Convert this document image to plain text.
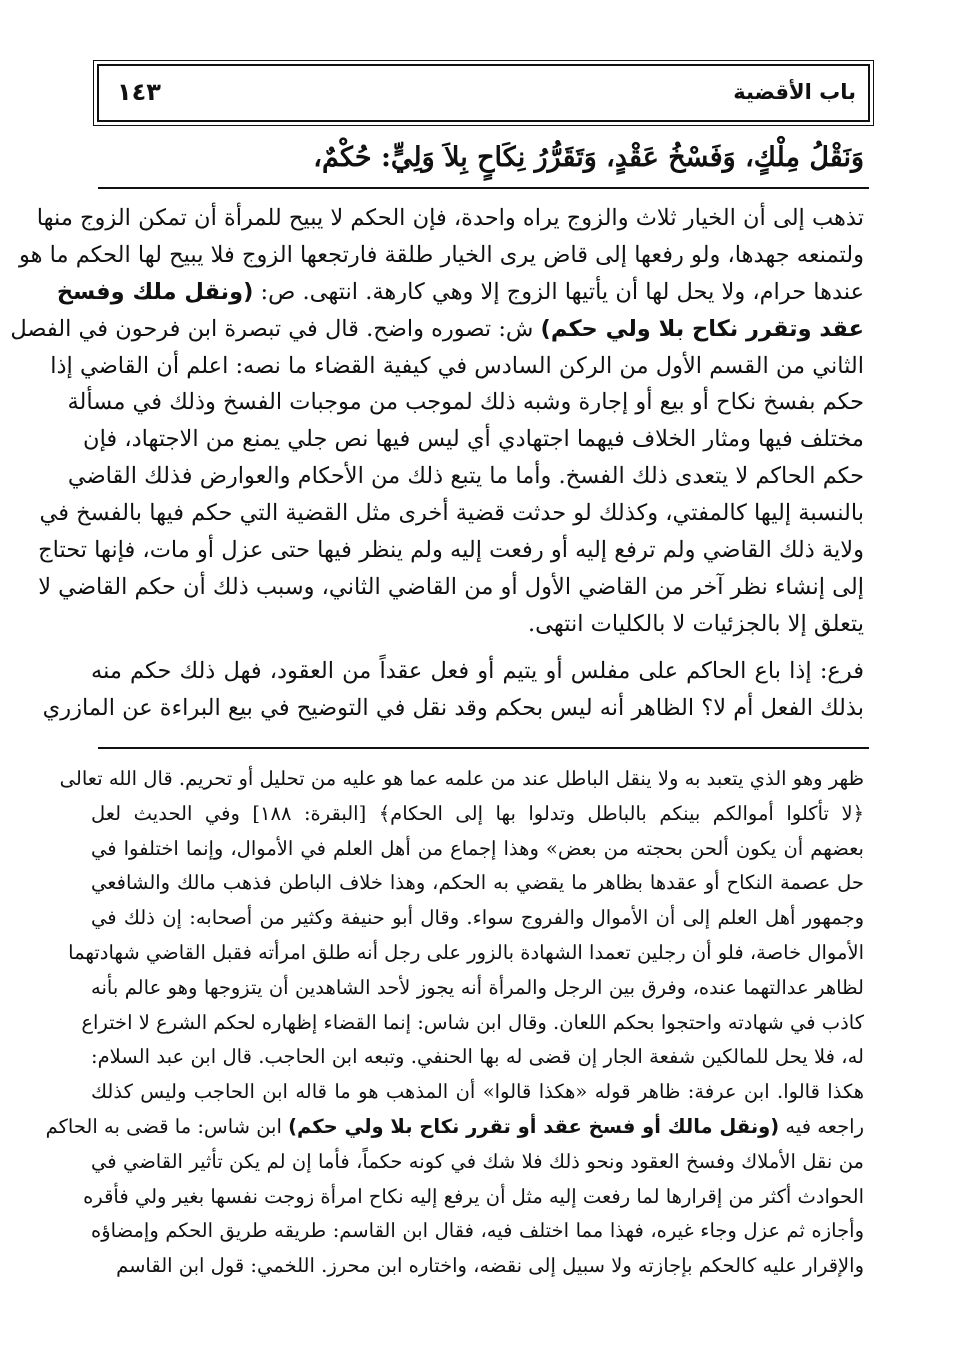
باب الأقضية
١٤٣
وَنَقْلُ مِلْكٍ، وَفَسْخُ عَقْدٍ، وَتَقَرُّرُ نِكَاحٍ بِلاَ وَلِيٍّ: حُكْمٌ،
تذهب إلى أن الخيار ثلاث والزوج يراه واحدة، فإن الحكم لا يبيح للمرأة أن تمكن الزوج منها
ولتمنعه جهدها، ولو رفعها إلى قاض يرى الخيار طلقة فارتجعها الزوج فلا يبيح لها الحكم ما هو
عندها حرام، ولا يحل لها أن يأتيها الزوج إلا وهي كارهة. انتهى. ص: (ونقل ملك وفسخ
عقد وتقرر نكاح بلا ولي حكم) ش: تصوره واضح. قال في تبصرة ابن فرحون في الفصل
الثاني من القسم الأول من الركن السادس في كيفية القضاء ما نصه: اعلم أن القاضي إذا
حكم بفسخ نكاح أو بيع أو إجارة وشبه ذلك لموجب من موجبات الفسخ وذلك في مسألة
مختلف فيها ومثار الخلاف فيهما اجتهادي أي ليس فيها نص جلي يمنع من الاجتهاد، فإن
حكم الحاكم لا يتعدى ذلك الفسخ. وأما ما يتبع ذلك من الأحكام والعوارض فذلك القاضي
بالنسبة إليها كالمفتي، وكذلك لو حدثت قضية أخرى مثل القضية التي حكم فيها بالفسخ في
ولاية ذلك القاضي ولم ترفع إليه أو رفعت إليه ولم ينظر فيها حتى عزل أو مات، فإنها تحتاج
إلى إنشاء نظر آخر من القاضي الأول أو من القاضي الثاني، وسبب ذلك أن حكم القاضي لا
يتعلق إلا بالجزئيات لا بالكليات انتهى.
فرع: إذا باع الحاكم على مفلس أو يتيم أو فعل عقداً من العقود، فهل ذلك حكم منه
بذلك الفعل أم لا؟ الظاهر أنه ليس بحكم وقد نقل في التوضيح في بيع البراءة عن المازري
ظهر وهو الذي يتعبد به ولا ينقل الباطل عند من علمه عما هو عليه من تحليل أو تحريم. قال الله تعالى
﴿لا تأكلوا أموالكم بينكم بالباطل وتدلوا بها إلى الحكام﴾ [البقرة: ١٨٨] وفي الحديث لعل
بعضهم أن يكون ألحن بحجته من بعض» وهذا إجماع من أهل العلم في الأموال، وإنما اختلفوا في
حل عصمة النكاح أو عقدها بظاهر ما يقضي به الحكم، وهذا خلاف الباطن فذهب مالك والشافعي
وجمهور أهل العلم إلى أن الأموال والفروج سواء. وقال أبو حنيفة وكثير من أصحابه: إن ذلك في
الأموال خاصة، فلو أن رجلين تعمدا الشهادة بالزور على رجل أنه طلق امرأته فقبل القاضي شهادتهما
لظاهر عدالتهما عنده، وفرق بين الرجل والمرأة أنه يجوز لأحد الشاهدين أن يتزوجها وهو عالم بأنه
كاذب في شهادته واحتجوا بحكم اللعان. وقال ابن شاس: إنما القضاء إظهاره لحكم الشرع لا اختراع
له، فلا يحل للمالكين شفعة الجار إن قضى له بها الحنفي. وتبعه ابن الحاجب. قال ابن عبد السلام:
هكذا قالوا. ابن عرفة: ظاهر قوله «هكذا قالوا» أن المذهب هو ما قاله ابن الحاجب وليس كذلك
راجعه فيه (ونقل مالك أو فسخ عقد أو تقرر نكاح بلا ولي حكم) ابن شاس: ما قضى به الحاكم
من نقل الأملاك وفسخ العقود ونحو ذلك فلا شك في كونه حكماً، فأما إن لم يكن تأثير القاضي في
الحوادث أكثر من إقرارها لما رفعت إليه مثل أن يرفع إليه نكاح امرأة زوجت نفسها بغير ولي فأقره
وأجازه ثم عزل وجاء غيره، فهذا مما اختلف فيه، فقال ابن القاسم: طريقه طريق الحكم وإمضاؤه
والإقرار عليه كالحكم بإجازته ولا سبيل إلى نقضه، واختاره ابن محرز. اللخمي: قول ابن القاسم
